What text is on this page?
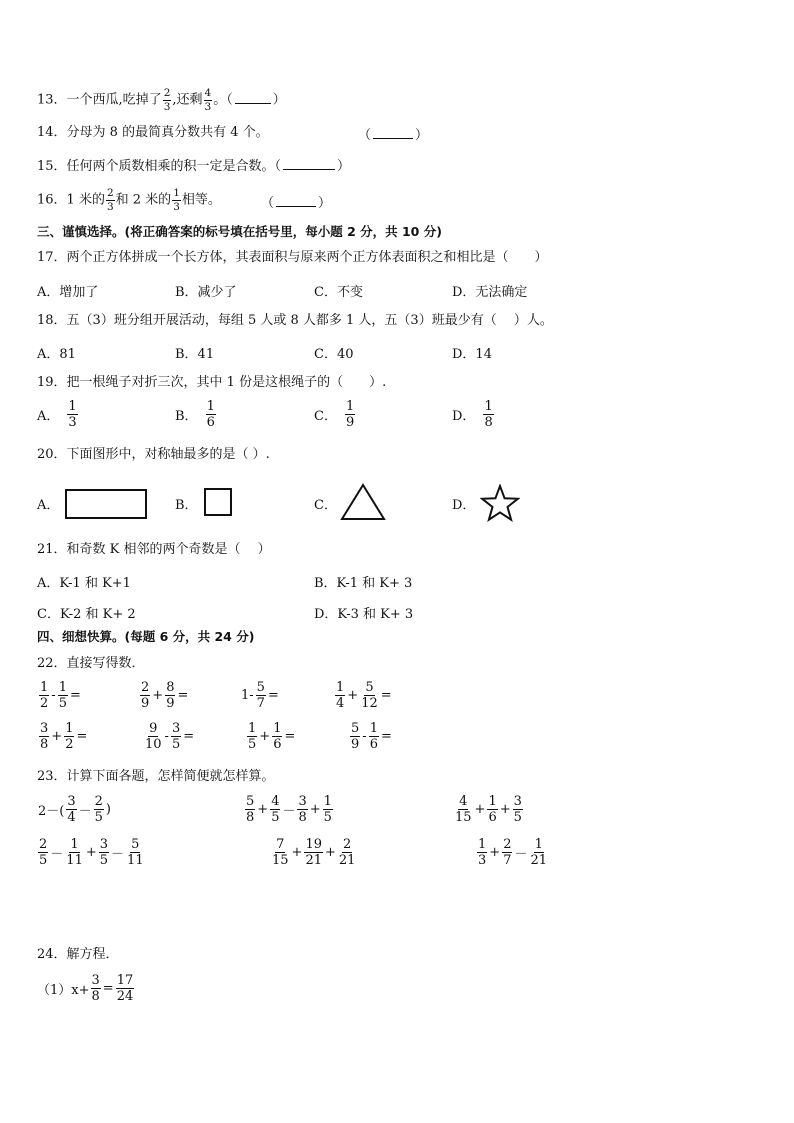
13．一个西瓜,吃掉了 $\frac{2}{3}$ ,还剩 $\frac{4}{3}$ 。（	）
14．分母为 8 的最简真分数共有 4 个。	（	）
15．任何两个质数相乘的积一定是合数。（	）
16．1 米的 $\frac{2}{3}$ 和 2 米的 $\frac{1}{3}$ 相等。	（	）
三、谨慎选择。(将正确答案的标号填在括号里，每小题 2 分，共 10 分)
17．两个正方体拼成一个长方体，其表面积与原来两个正方体表面积之和相比是（　　）
A．增加了	B．减少了	C．不变	D．无法确定
18．五（3）班分组开展活动，每组 5 人或 8 人都多 1 人，五（3）班最少有（　 ）人。
A．81	B．41	C．40	D．14
19．把一根绳子对折三次，其中 1 份是这根绳子的（　　）.
A． $\frac{1}{3}$	B． $\frac{1}{6}$	C． $\frac{1}{9}$	D． $\frac{1}{8}$
20．下面图形中，对称轴最多的是（ ）.
A．	B．	C．	D．
21．和奇数 K 相邻的两个奇数是（　 ）
A．K-1 和 K+1	B．K-1 和 K+ 3
C．K-2 和 K+ 2	D．K-3 和 K+ 3
四、细想快算。(每题 6 分，共 24 分)
22．直接写得数．
$\frac{1}{2} - \frac{1}{5}$ =	$\frac{2}{9} + \frac{8}{9}$ =	$1- \frac{5}{7}$ =	$\frac{1}{4} + \frac{5}{12}$ =
$\frac{3}{8} + \frac{1}{2}$ =	$\frac{9}{10} - \frac{3}{5}$ =	$\frac{1}{5} + \frac{1}{6}$ =	$\frac{5}{9} - \frac{1}{6}$ =
23．计算下面各题，怎样简便就怎样算。
$2-( \frac{3}{4} - \frac{2}{5}$ )	$\frac{5}{8} + \frac{4}{5} - \frac{3}{8} + \frac{1}{5}$	$\frac{4}{15} + \frac{1}{6} + \frac{3}{5}$
$\frac{2}{5} - \frac{1}{11} + \frac{3}{5} - \frac{5}{11}$	$\frac{7}{15} + \frac{19}{21} + \frac{2}{21}$	$\frac{1}{3} + \frac{2}{7} - \frac{1}{21}$
24．解方程．
$(1)x+ \frac{3}{8} = \frac{17}{24}$
